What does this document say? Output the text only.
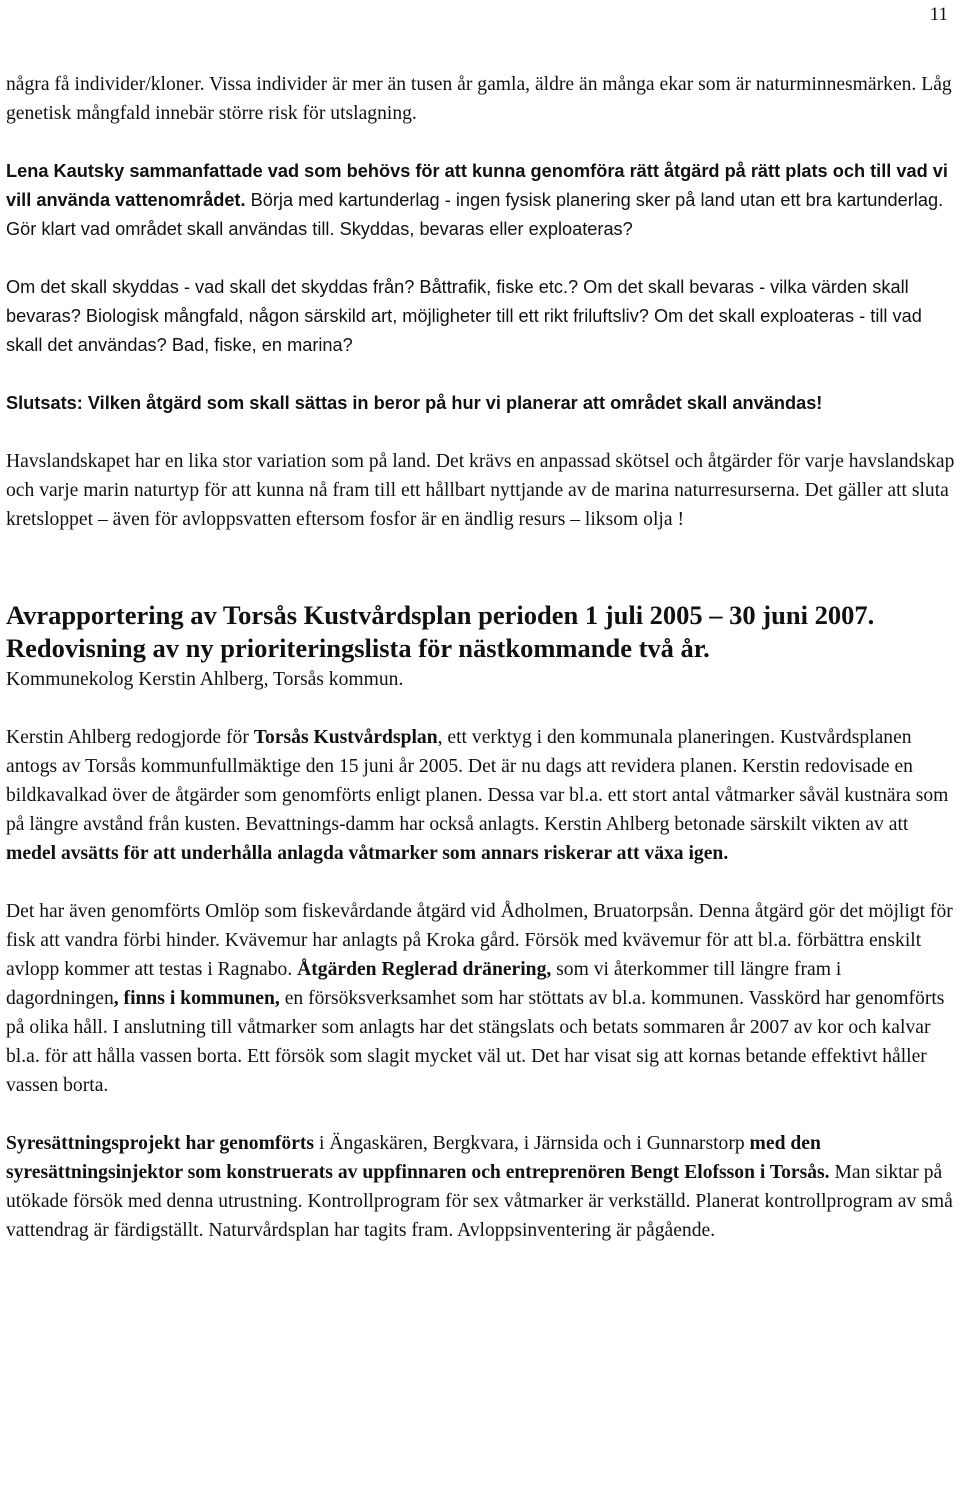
11

några få individer/kloner. Vissa individer är mer än tusen år gamla, äldre än många ekar som är naturminnesmärken. Låg genetisk mångfald innebär större risk för utslagning.

Lena Kautsky sammanfattade vad som behövs för att kunna genomföra rätt åtgärd på rätt plats och till vad vi vill använda vattenområdet. Börja med kartunderlag - ingen fysisk planering sker på land utan ett bra kartunderlag. Gör klart vad området skall användas till. Skyddas, bevaras eller exploateras?

Om det skall skyddas - vad skall det skyddas från? Båttrafik, fiske etc.? Om det skall bevaras - vilka värden skall bevaras? Biologisk mångfald, någon särskild art, möjligheter till ett rikt friluftsliv? Om det skall exploateras - till vad skall det användas? Bad, fiske, en marina?

Slutsats: Vilken åtgärd som skall sättas in beror på hur vi planerar att området skall användas!

Havslandskapet har en lika stor variation som på land. Det krävs en anpassad skötsel och åtgärder för varje havslandskap och varje marin naturtyp för att kunna nå fram till ett hållbart nyttjande av de marina naturresurserna. Det gäller att sluta kretsloppet – även för avloppsvatten eftersom fosfor är en ändlig resurs – liksom olja !

Avrapportering av Torsås Kustvårdsplan perioden 1 juli 2005 – 30 juni 2007. Redovisning av ny prioriteringslista för nästkommande två år.

Kommunekolog Kerstin Ahlberg, Torsås kommun.

Kerstin Ahlberg redogjorde för Torsås Kustvårdsplan, ett verktyg i den kommunala planeringen. Kustvårdsplanen antogs av Torsås kommunfullmäktige den 15 juni år 2005. Det är nu dags att revidera planen. Kerstin redovisade en bildkavalkad över de åtgärder som genomförts enligt planen. Dessa var bl.a. ett stort antal våtmarker såväl kustnära som på längre avstånd från kusten. Bevattnings-damm har också anlagts. Kerstin Ahlberg betonade särskilt vikten av att medel avsätts för att underhålla anlagda våtmarker som annars riskerar att växa igen.

Det har även genomförts Omlöp som fiskevårdande åtgärd vid Ådholmen, Bruatorpsån. Denna åtgärd gör det möjligt för fisk att vandra förbi hinder. Kvävemur har anlagts på Kroka gård. Försök med kvävemur för att bl.a. förbättra enskilt avlopp kommer att testas i Ragnabo. Åtgärden Reglerad dränering, som vi återkommer till längre fram i dagordningen, finns i kommunen, en försöksverksamhet som har stöttats av bl.a. kommunen. Vasskörd har genomförts på olika håll. I anslutning till våtmarker som anlagts har det stängslats och betats sommaren år 2007 av kor och kalvar bl.a. för att hålla vassen borta. Ett försök som slagit mycket väl ut. Det har visat sig att kornas betande effektivt håller vassen borta.

Syresättningsprojekt har genomförts i Ängaskären, Bergkvara, i Järnsida och i Gunnarstorp med den syresättningsinjektor som konstruerats av uppfinnaren och entreprenören Bengt Elofsson i Torsås. Man siktar på utökade försök med denna utrustning. Kontrollprogram för sex våtmarker är verkställd. Planerat kontrollprogram av små vattendrag är färdigställt. Naturvårdsplan har tagits fram. Avloppsinventering är pågående.
